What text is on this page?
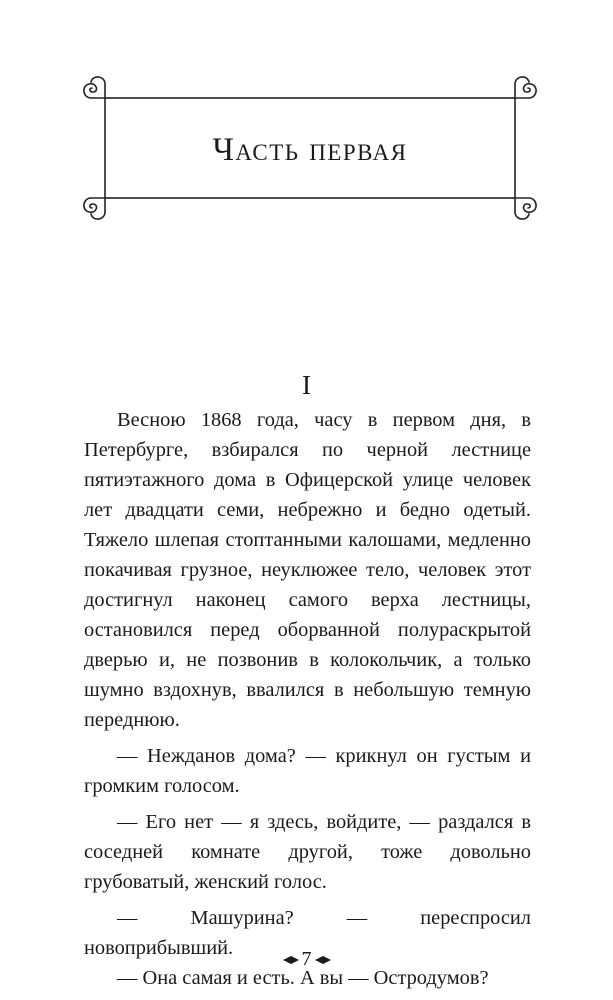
Часть первая
I

Весною 1868 года, часу в первом дня, в Петербурге, взбирался по черной лестнице пятиэтажного дома в Офицерской улице человек лет двадцати семи, небрежно и бедно одетый. Тяжело шлепая стоптанными калошами, медленно покачивая грузное, неуклюжее тело, человек этот достигнул наконец самого верха лестницы, остановился перед оборванной полураскрытой дверью и, не позвонив в колокольчик, а только шумно вздохнув, ввалился в небольшую темную переднюю.

— Нежданов дома? — крикнул он густым и громким голосом.

— Его нет — я здесь, войдите, — раздался в соседней комнате другой, тоже довольно грубоватый, женский голос.

— Машурина? — переспросил новоприбывший.

— Она самая и есть. А вы — Остродумов?

7
